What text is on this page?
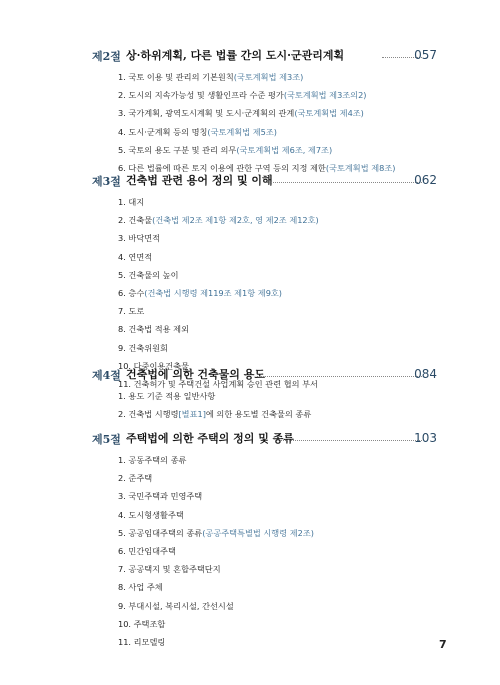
제2절 상·하위계획, 다른 법률 간의 도시·군관리계획	057
1. 국토 이용 및 관리의 기본원칙(국토계획법 제3조)
2. 도시의 지속가능성 및 생활인프라 수준 평가(국토계획법 제3조의2)
3. 국가계획, 광역도시계획 및 도시·군계획의 관계(국토계획법 제4조)
4. 도시·군계획 등의 명칭(국토계획법 제5조)
5. 국토의 용도 구분 및 관리 의무(국토계획법 제6조, 제7조)
6. 다른 법률에 따른 토지 이용에 관한 구역 등의 지정 제한(국토계획법 제8조)
제3절 건축법 관련 용어 정의 및 이해	062
1. 대지
2. 건축물(건축법 제2조 제1항 제2호, 영 제2조 제12호)
3. 바닥면적
4. 연면적
5. 건축물의 높이
6. 층수(건축법 시행령 제119조 제1항 제9호)
7. 도로
8. 건축법 적용 제외
9. 건축위원회
10. 다중이용건축물
11. 건축허가 및 주택건설 사업계획 승인 관련 협의 부서
제4절 건축법에 의한 건축물의 용도	084
1. 용도 기준 적용 일반사항
2. 건축법 시행령[별표1]에 의한 용도별 건축물의 종류
제5절 주택법에 의한 주택의 정의 및 종류	103
1. 공동주택의 종류
2. 준주택
3. 국민주택과 민영주택
4. 도시형생활주택
5. 공공임대주택의 종류(공공주택특별법 시행령 제2조)
6. 민간임대주택
7. 공공택지 및 혼합주택단지
8. 사업 주체
9. 부대시설, 복리시설, 간선시설
10. 주택조합
11. 리모델링	7
